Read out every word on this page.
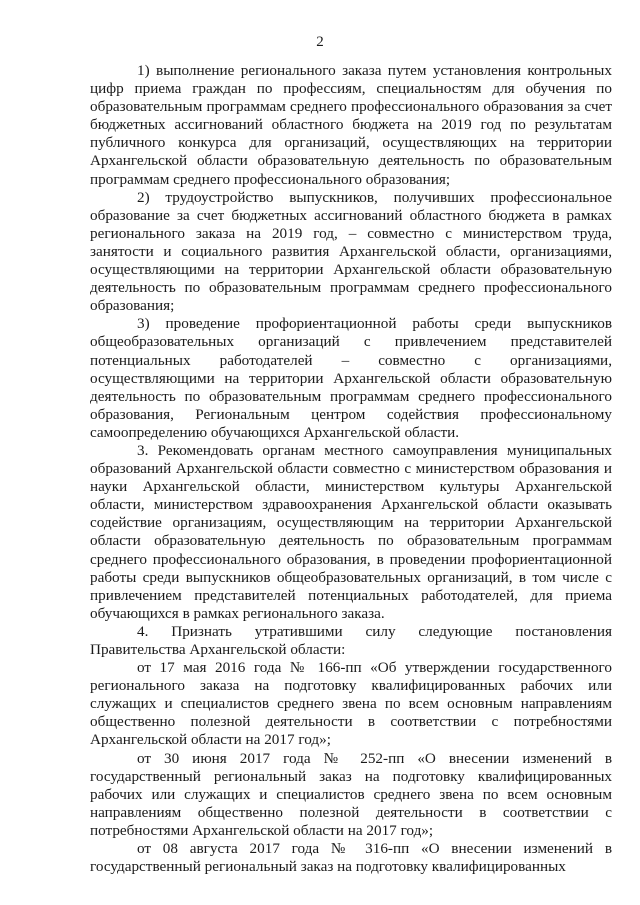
2

1) выполнение регионального заказа путем установления контрольных цифр приема граждан по профессиям, специальностям для обучения по образовательным программам среднего профессионального образования за счет бюджетных ассигнований областного бюджета на 2019 год по результатам публичного конкурса для организаций, осуществляющих на территории Архангельской области образовательную деятельность по образовательным программам среднего профессионального образования;

2) трудоустройство выпускников, получивших профессиональное образование за счет бюджетных ассигнований областного бюджета в рамках регионального заказа на 2019 год, – совместно с министерством труда, занятости и социального развития Архангельской области, организациями, осуществляющими на территории Архангельской области образовательную деятельность по образовательным программам среднего профессионального образования;

3) проведение профориентационной работы среди выпускников общеобразовательных организаций с привлечением представителей потенциальных работодателей – совместно с организациями, осуществляющими на территории Архангельской области образовательную деятельность по образовательным программам среднего профессионального образования, Региональным центром содействия профессиональному самоопределению обучающихся Архангельской области.

3. Рекомендовать органам местного самоуправления муниципальных образований Архангельской области совместно с министерством образования и науки Архангельской области, министерством культуры Архангельской области, министерством здравоохранения Архангельской области оказывать содействие организациям, осуществляющим на территории Архангельской области образовательную деятельность по образовательным программам среднего профессионального образования, в проведении профориентационной работы среди выпускников общеобразовательных организаций, в том числе с привлечением представителей потенциальных работодателей, для приема обучающихся в рамках регионального заказа.

4. Признать утратившими силу следующие постановления Правительства Архангельской области:

от 17 мая 2016 года № 166-пп «Об утверждении государственного регионального заказа на подготовку квалифицированных рабочих или служащих и специалистов среднего звена по всем основным направлениям общественно полезной деятельности в соответствии с потребностями Архангельской области на 2017 год»;

от 30 июня 2017 года № 252-пп «О внесении изменений в государственный региональный заказ на подготовку квалифицированных рабочих или служащих и специалистов среднего звена по всем основным направлениям общественно полезной деятельности в соответствии с потребностями Архангельской области на 2017 год»;

от 08 августа 2017 года № 316-пп «О внесении изменений в государственный региональный заказ на подготовку квалифицированных
